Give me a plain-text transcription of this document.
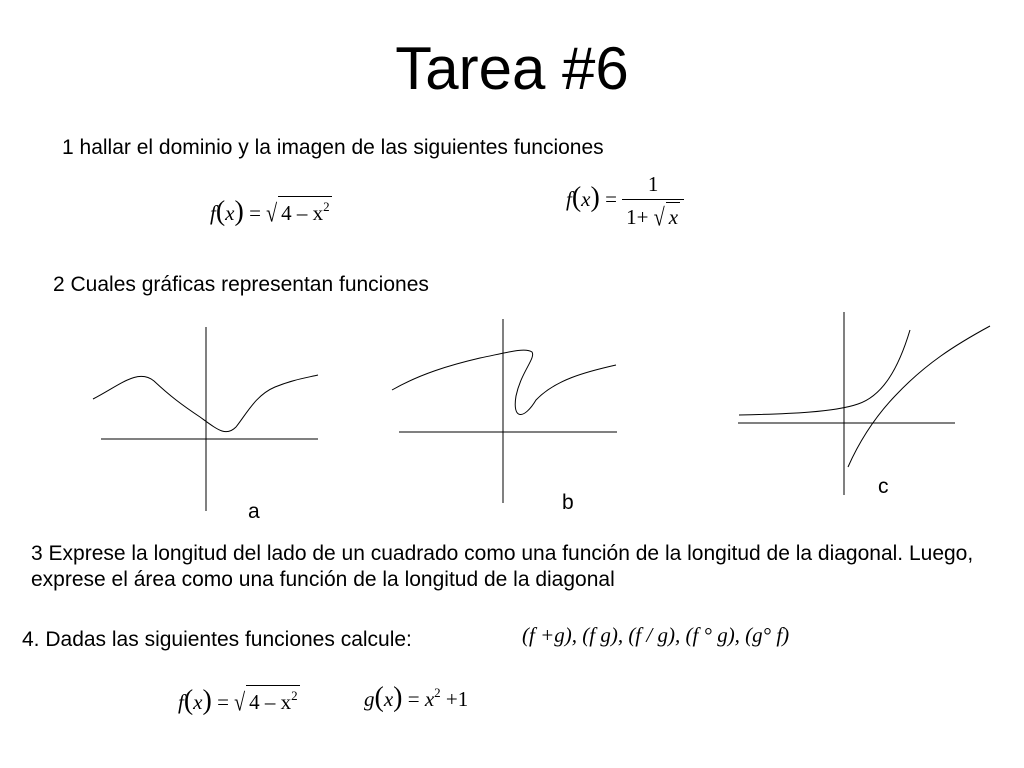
Tarea #6
1 hallar el dominio y la imagen de las siguientes funciones
f(x) = √ $4 - x^2$	$f(x) = \frac{1}{1+ √ x}$
2 Cuales gráficas representan funciones
a	b
c
3 Exprese la longitud del lado de un cuadrado como una función de la longitud de la diagonal. Luego, exprese el área como una función de la longitud de la diagonal
4. Dadas las siguientes funciones calcule:	(f +g), (f g), (f / g), (f ° g), (g° f)
f(x) = √ $4 - x^2$	$g(x) = x^2 +1$
